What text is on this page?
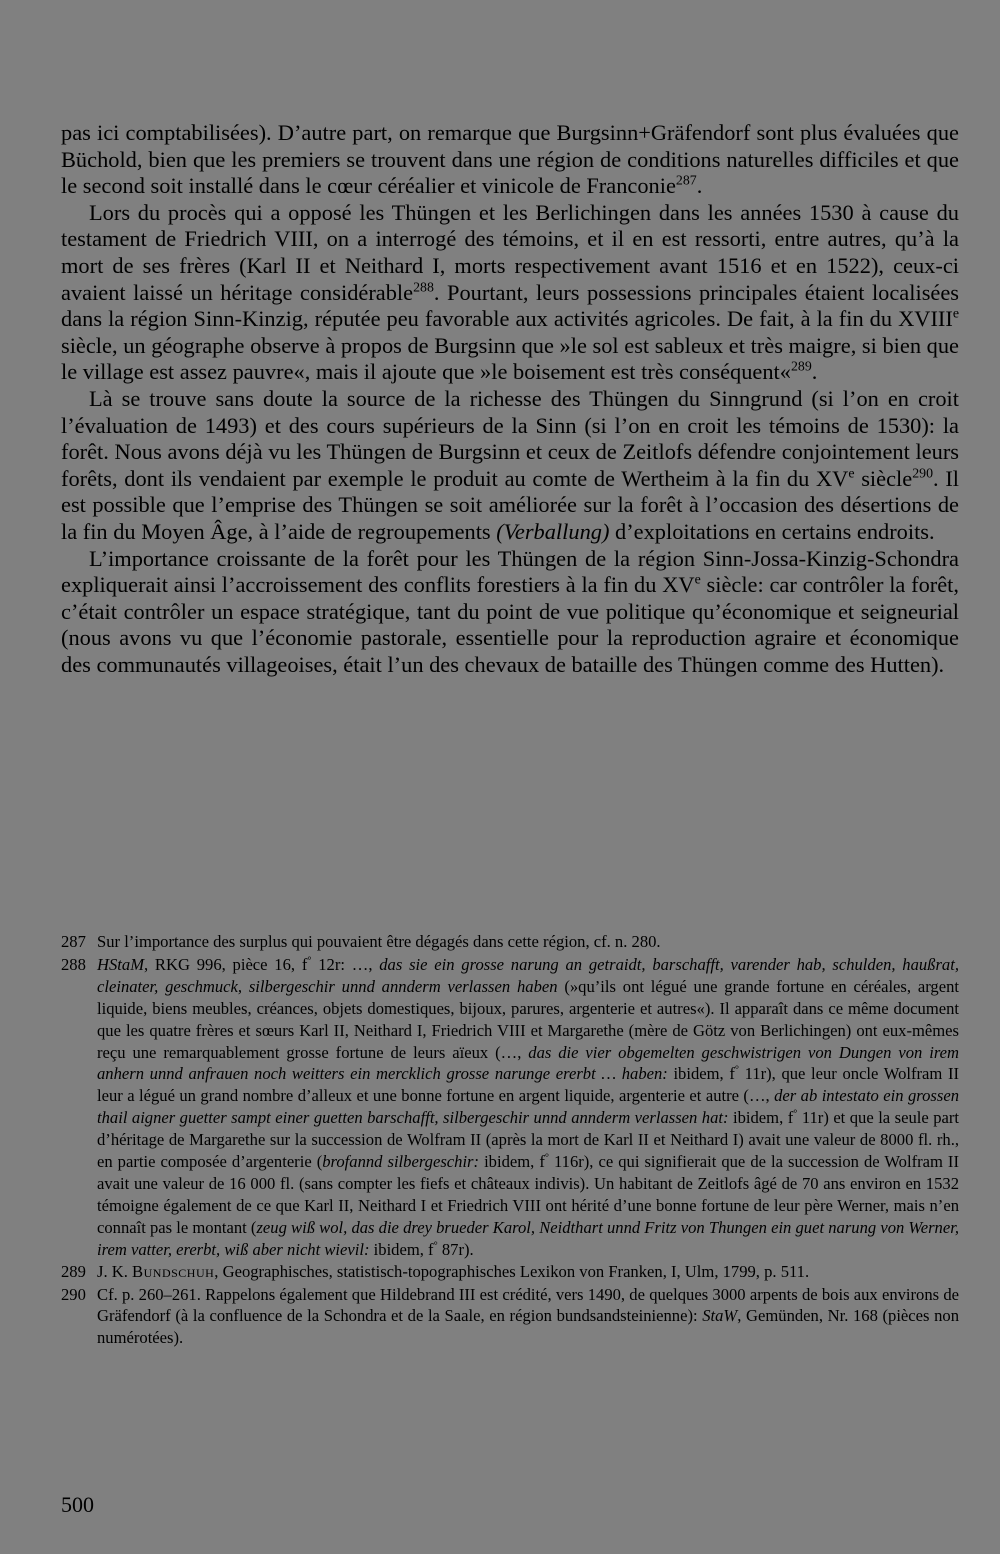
pas ici comptabilisées). D’autre part, on remarque que Burgsinn+Gräfendorf sont plus évaluées que Büchold, bien que les premiers se trouvent dans une région de conditions naturelles difficiles et que le second soit installé dans le cœur céréalier et vinicole de Franconie$^{287}$.

Lors du procès qui a opposé les Thüngen et les Berlichingen dans les années 1530 à cause du testament de Friedrich VIII, on a interrogé des témoins, et il en est ressorti, entre autres, qu’à la mort de ses frères (Karl II et Neithard I, morts respectivement avant 1516 et en 1522), ceux-ci avaient laissé un héritage considérable$^{288}$. Pourtant, leurs possessions principales étaient localisées dans la région Sinn-Kinzig, réputée peu favorable aux activités agricoles. De fait, à la fin du XVIIIe siècle, un géographe observe à propos de Burgsinn que »le sol est sableux et très maigre, si bien que le village est assez pauvre«, mais il ajoute que »le boisement est très conséquent«$^{289}$.

Là se trouve sans doute la source de la richesse des Thüngen du Sinngrund (si l’on en croit l’évaluation de 1493) et des cours supérieurs de la Sinn (si l’on en croit les témoins de 1530): la forêt. Nous avons déjà vu les Thüngen de Burgsinn et ceux de Zeitlofs défendre conjointement leurs forêts, dont ils vendaient par exemple le produit au comte de Wertheim à la fin du XVe siècle$^{290}$. Il est possible que l’emprise des Thüngen se soit améliorée sur la forêt à l’occasion des désertions de la fin du Moyen Âge, à l’aide de regroupements (Verballung) d’exploitations en certains endroits.

L’importance croissante de la forêt pour les Thüngen de la région Sinn-Jossa-Kinzig-Schondra expliquerait ainsi l’accroissement des conflits forestiers à la fin du XVe siècle: car contrôler la forêt, c’était contrôler un espace stratégique, tant du point de vue politique qu’économique et seigneurial (nous avons vu que l’économie pastorale, essentielle pour la reproduction agraire et économique des communautés villageoises, était l’un des chevaux de bataille des Thüngen comme des Hutten).

287 Sur l’importance des surplus qui pouvaient être dégagés dans cette région, cf. n. 280.
288 HStaM, RKG 996, pièce 16, f° 12r: …, das sie ein grosse narung an getraidt, barschafft, varender hab, schulden, haußrat, cleinater, geschmuck, silbergeschir unnd annderm verlassen haben (»qu’ils ont légué une grande fortune en céréales, argent liquide, biens meubles, créances, objets domestiques, bijoux, parures, argenterie et autres«). Il apparaît dans ce même document que les quatre frères et sœurs Karl II, Neithard I, Friedrich VIII et Margarethe (mère de Götz von Berlichingen) ont eux-mêmes reçu une remarquablement grosse fortune de leurs aïeux (…, das die vier obgemelten geschwistrigen von Dungen von irem anhern unnd anfrauen noch weitters ein mercklich grosse narunge ererbt … haben: ibidem, f° 11r), que leur oncle Wolfram II leur a légué un grand nombre d’alleux et une bonne fortune en argent liquide, argenterie et autre (…, der ab intestato ein grossen thail aigner guetter sampt einer guetten barschafft, silbergeschir unnd annderm verlassen hat: ibidem, f° 11r) et que la seule part d’héritage de Margarethe sur la succession de Wolfram II (après la mort de Karl II et Neithard I) avait une valeur de 8000 fl. rh., en partie composée d’argenterie (brofannd silbergeschir: ibidem, f° 116r), ce qui signifierait que de la succession de Wolfram II avait une valeur de 16 000 fl. (sans compter les fiefs et châteaux indivis). Un habitant de Zeitlofs âgé de 70 ans environ en 1532 témoigne également de ce que Karl II, Neithard I et Friedrich VIII ont hérité d’une bonne fortune de leur père Werner, mais n’en connaît pas le montant (zeug wiß wol, das die drey brueder Karol, Neidthart unnd Fritz von Thungen ein guet narung von Werner, irem vatter, ererbt, wiß aber nicht wievil: ibidem, f° 87r).
289 J. K. Bundschuh, Geographisches, statistisch-topographisches Lexikon von Franken, I, Ulm, 1799, p. 511.
290 Cf. p. 260–261. Rappelons également que Hildebrand III est crédité, vers 1490, de quelques 3000 arpents de bois aux environs de Gräfendorf (à la confluence de la Schondra et de la Saale, en région bundsandsteinienne): StaW, Gemünden, Nr. 168 (pièces non numérotées).
500
